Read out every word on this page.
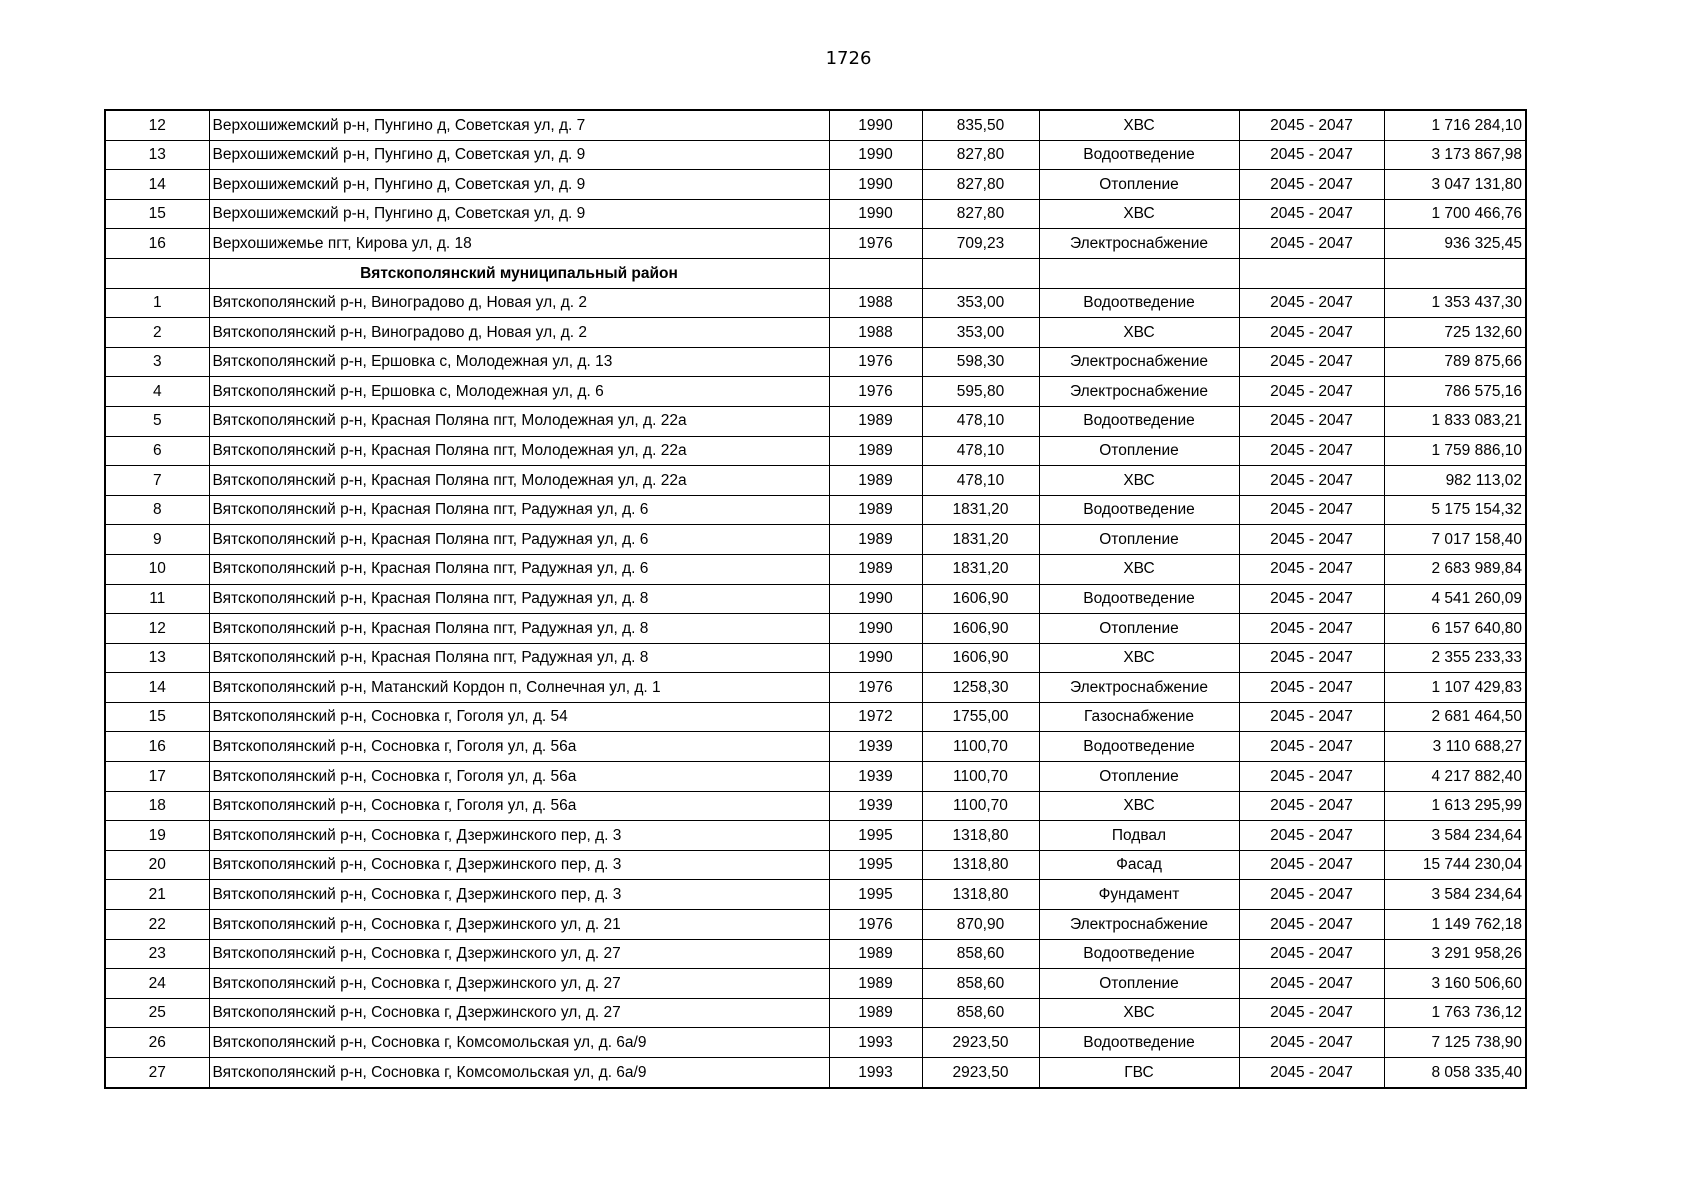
1726
12	Верхошижемский р-н, Пунгино д, Советская ул, д. 7	1990	835,50	ХВС	2045 - 2047	1 716 284,10
13	Верхошижемский р-н, Пунгино д, Советская ул, д. 9	1990	827,80	Водоотведение	2045 - 2047	3 173 867,98
14	Верхошижемский р-н, Пунгино д, Советская ул, д. 9	1990	827,80	Отопление	2045 - 2047	3 047 131,80
15	Верхошижемский р-н, Пунгино д, Советская ул, д. 9	1990	827,80	ХВС	2045 - 2047	1 700 466,76
16	Верхошижемье пгт, Кирова ул, д. 18	1976	709,23	Электроснабжение	2045 - 2047	936 325,45
	Вятскополянский муниципальный район					
1	Вятскополянский р-н, Виноградово д, Новая ул, д. 2	1988	353,00	Водоотведение	2045 - 2047	1 353 437,30
2	Вятскополянский р-н, Виноградово д, Новая ул, д. 2	1988	353,00	ХВС	2045 - 2047	725 132,60
3	Вятскополянский р-н, Ершовка с, Молодежная ул, д. 13	1976	598,30	Электроснабжение	2045 - 2047	789 875,66
4	Вятскополянский р-н, Ершовка с, Молодежная ул, д. 6	1976	595,80	Электроснабжение	2045 - 2047	786 575,16
5	Вятскополянский р-н, Красная Поляна пгт, Молодежная ул, д. 22а	1989	478,10	Водоотведение	2045 - 2047	1 833 083,21
6	Вятскополянский р-н, Красная Поляна пгт, Молодежная ул, д. 22а	1989	478,10	Отопление	2045 - 2047	1 759 886,10
7	Вятскополянский р-н, Красная Поляна пгт, Молодежная ул, д. 22а	1989	478,10	ХВС	2045 - 2047	982 113,02
8	Вятскополянский р-н, Красная Поляна пгт, Радужная ул, д. 6	1989	1831,20	Водоотведение	2045 - 2047	5 175 154,32
9	Вятскополянский р-н, Красная Поляна пгт, Радужная ул, д. 6	1989	1831,20	Отопление	2045 - 2047	7 017 158,40
10	Вятскополянский р-н, Красная Поляна пгт, Радужная ул, д. 6	1989	1831,20	ХВС	2045 - 2047	2 683 989,84
11	Вятскополянский р-н, Красная Поляна пгт, Радужная ул, д. 8	1990	1606,90	Водоотведение	2045 - 2047	4 541 260,09
12	Вятскополянский р-н, Красная Поляна пгт, Радужная ул, д. 8	1990	1606,90	Отопление	2045 - 2047	6 157 640,80
13	Вятскополянский р-н, Красная Поляна пгт, Радужная ул, д. 8	1990	1606,90	ХВС	2045 - 2047	2 355 233,33
14	Вятскополянский р-н, Матанский Кордон п, Солнечная ул, д. 1	1976	1258,30	Электроснабжение	2045 - 2047	1 107 429,83
15	Вятскополянский р-н, Сосновка г, Гоголя ул, д. 54	1972	1755,00	Газоснабжение	2045 - 2047	2 681 464,50
16	Вятскополянский р-н, Сосновка г, Гоголя ул, д. 56а	1939	1100,70	Водоотведение	2045 - 2047	3 110 688,27
17	Вятскополянский р-н, Сосновка г, Гоголя ул, д. 56а	1939	1100,70	Отопление	2045 - 2047	4 217 882,40
18	Вятскополянский р-н, Сосновка г, Гоголя ул, д. 56а	1939	1100,70	ХВС	2045 - 2047	1 613 295,99
19	Вятскополянский р-н, Сосновка г, Дзержинского пер, д. 3	1995	1318,80	Подвал	2045 - 2047	3 584 234,64
20	Вятскополянский р-н, Сосновка г, Дзержинского пер, д. 3	1995	1318,80	Фасад	2045 - 2047	15 744 230,04
21	Вятскополянский р-н, Сосновка г, Дзержинского пер, д. 3	1995	1318,80	Фундамент	2045 - 2047	3 584 234,64
22	Вятскополянский р-н, Сосновка г, Дзержинского ул, д. 21	1976	870,90	Электроснабжение	2045 - 2047	1 149 762,18
23	Вятскополянский р-н, Сосновка г, Дзержинского ул, д. 27	1989	858,60	Водоотведение	2045 - 2047	3 291 958,26
24	Вятскополянский р-н, Сосновка г, Дзержинского ул, д. 27	1989	858,60	Отопление	2045 - 2047	3 160 506,60
25	Вятскополянский р-н, Сосновка г, Дзержинского ул, д. 27	1989	858,60	ХВС	2045 - 2047	1 763 736,12
26	Вятскополянский р-н, Сосновка г, Комсомольская ул, д. 6а/9	1993	2923,50	Водоотведение	2045 - 2047	7 125 738,90
27	Вятскополянский р-н, Сосновка г, Комсомольская ул, д. 6а/9	1993	2923,50	ГВС	2045 - 2047	8 058 335,40
